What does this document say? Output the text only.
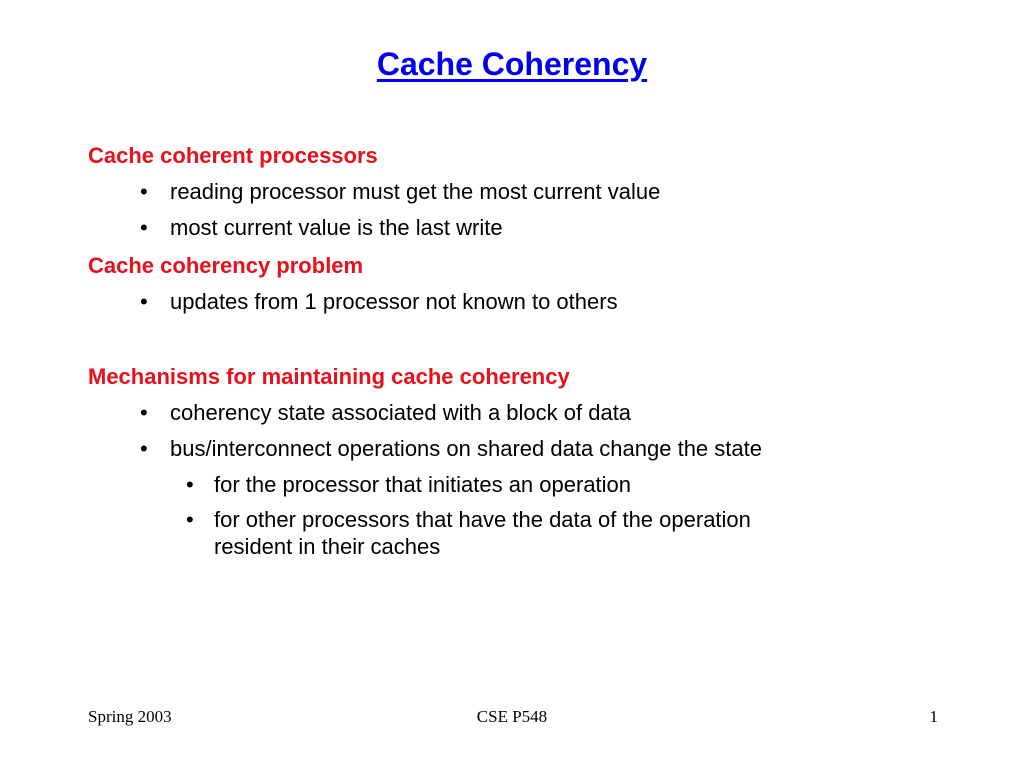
Cache Coherency
Cache coherent processors
• reading processor must get the most current value
• most current value is the last write
Cache coherency problem
• updates from 1 processor not known to others
Mechanisms for maintaining cache coherency
• coherency state associated with a block of data
• bus/interconnect operations on shared data change the state
• for the processor that initiates an operation
• for other processors that have the data of the operation
resident in their caches
Spring 2003	CSE P548	1
